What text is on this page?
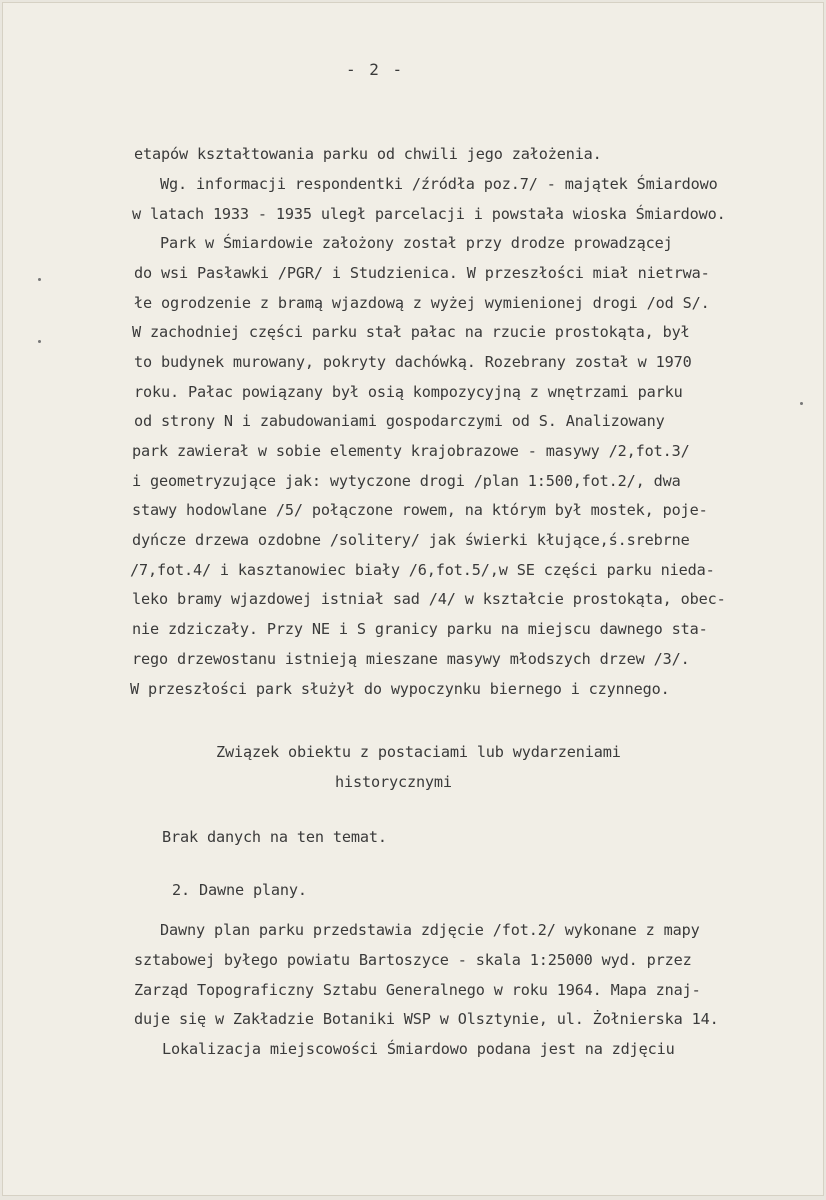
- 2 -
etapów kształtowania parku od chwili jego założenia.
Wg. informacji respondentki /źródła poz.7/ - majątek Śmiardowo
w latach 1933 - 1935 uległ parcelacji i powstała wioska Śmiardowo.
Park w Śmiardowie założony został przy drodze prowadzącej
do wsi Pasławki /PGR/ i Studzienica. W przeszłości miał nietrwa-
łe ogrodzenie z bramą wjazdową z wyżej wymienionej drogi /od S/.
W zachodniej części parku stał pałac na rzucie prostokąta, był
to budynek murowany, pokryty dachówką. Rozebrany został w 1970
roku. Pałac powiązany był osią kompozycyjną z wnętrzami parku
od strony N i zabudowaniami gospodarczymi od S. Analizowany
park zawierał w sobie elementy krajobrazowe - masywy /2,fot.3/
i geometryzujące jak: wytyczone drogi /plan 1:500,fot.2/, dwa
stawy hodowlane /5/ połączone rowem, na którym był mostek, poje-
dyńcze drzewa ozdobne /solitery/ jak świerki kłujące,ś.srebrne
/7,fot.4/ i kasztanowiec biały /6,fot.5/,w SE części parku nieda-
leko bramy wjazdowej istniał sad /4/ w kształcie prostokąta, obec-
nie zdziczały. Przy NE i S granicy parku na miejscu dawnego sta-
rego drzewostanu istnieją mieszane masywy młodszych drzew /3/.
W przeszłości park służył do wypoczynku biernego i czynnego.
Związek obiektu z postaciami lub wydarzeniami
historycznymi
Brak danych na ten temat.
2. Dawne plany.
Dawny plan parku przedstawia zdjęcie /fot.2/ wykonane z mapy
sztabowej byłego powiatu Bartoszyce - skala 1:25000 wyd. przez
Zarząd Topograficzny Sztabu Generalnego w roku 1964. Mapa znaj-
duje się w Zakładzie Botaniki WSP w Olsztynie, ul. Żołnierska 14.
Lokalizacja miejscowości Śmiardowo podana jest na zdjęciu
